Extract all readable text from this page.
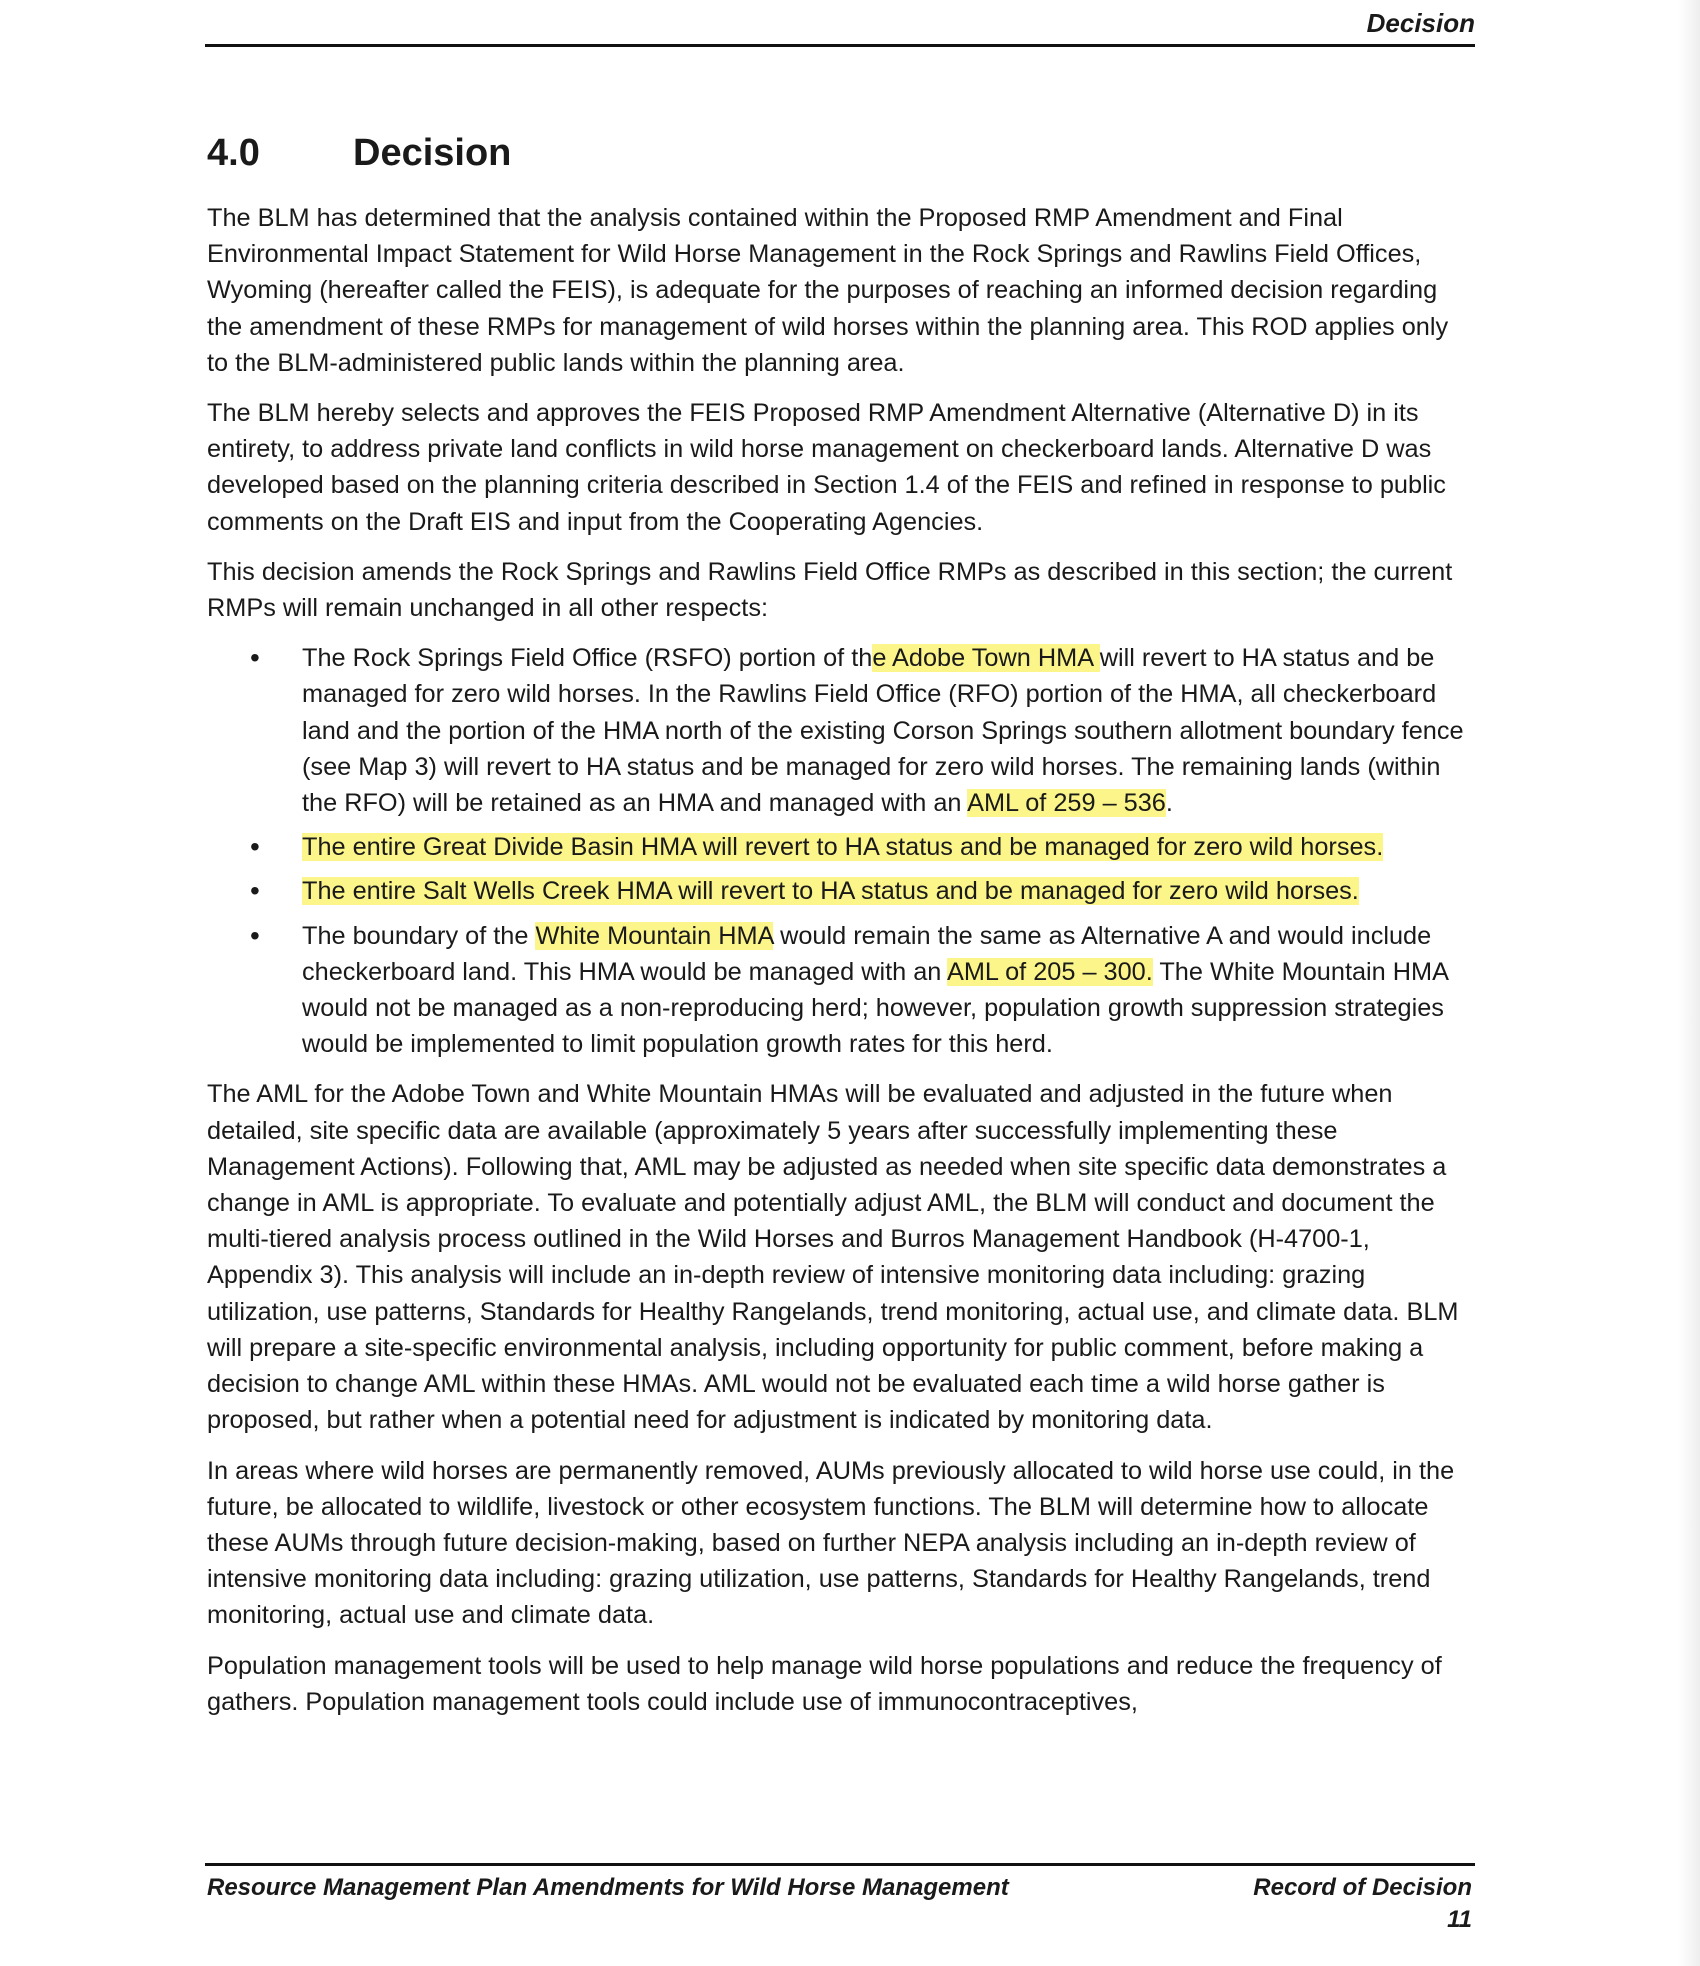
Decision
4.0 Decision

The BLM has determined that the analysis contained within the Proposed RMP Amendment and Final Environmental Impact Statement for Wild Horse Management in the Rock Springs and Rawlins Field Offices, Wyoming (hereafter called the FEIS), is adequate for the purposes of reaching an informed decision regarding the amendment of these RMPs for management of wild horses within the planning area. This ROD applies only to the BLM-administered public lands within the planning area.

The BLM hereby selects and approves the FEIS Proposed RMP Amendment Alternative (Alternative D) in its entirety, to address private land conflicts in wild horse management on checkerboard lands. Alternative D was developed based on the planning criteria described in Section 1.4 of the FEIS and refined in response to public comments on the Draft EIS and input from the Cooperating Agencies.

This decision amends the Rock Springs and Rawlins Field Office RMPs as described in this section; the current RMPs will remain unchanged in all other respects:

• The Rock Springs Field Office (RSFO) portion of the Adobe Town HMA will revert to HA status and be managed for zero wild horses. In the Rawlins Field Office (RFO) portion of the HMA, all checkerboard land and the portion of the HMA north of the existing Corson Springs southern allotment boundary fence (see Map 3) will revert to HA status and be managed for zero wild horses. The remaining lands (within the RFO) will be retained as an HMA and managed with an AML of 259 – 536.
• The entire Great Divide Basin HMA will revert to HA status and be managed for zero wild horses.
• The entire Salt Wells Creek HMA will revert to HA status and be managed for zero wild horses.
• The boundary of the White Mountain HMA would remain the same as Alternative A and would include checkerboard land. This HMA would be managed with an AML of 205 – 300. The White Mountain HMA would not be managed as a non-reproducing herd; however, population growth suppression strategies would be implemented to limit population growth rates for this herd.

The AML for the Adobe Town and White Mountain HMAs will be evaluated and adjusted in the future when detailed, site specific data are available (approximately 5 years after successfully implementing these Management Actions). Following that, AML may be adjusted as needed when site specific data demonstrates a change in AML is appropriate. To evaluate and potentially adjust AML, the BLM will conduct and document the multi-tiered analysis process outlined in the Wild Horses and Burros Management Handbook (H-4700-1, Appendix 3). This analysis will include an in-depth review of intensive monitoring data including: grazing utilization, use patterns, Standards for Healthy Rangelands, trend monitoring, actual use, and climate data. BLM will prepare a site-specific environmental analysis, including opportunity for public comment, before making a decision to change AML within these HMAs. AML would not be evaluated each time a wild horse gather is proposed, but rather when a potential need for adjustment is indicated by monitoring data.

In areas where wild horses are permanently removed, AUMs previously allocated to wild horse use could, in the future, be allocated to wildlife, livestock or other ecosystem functions. The BLM will determine how to allocate these AUMs through future decision-making, based on further NEPA analysis including an in-depth review of intensive monitoring data including: grazing utilization, use patterns, Standards for Healthy Rangelands, trend monitoring, actual use and climate data.

Population management tools will be used to help manage wild horse populations and reduce the frequency of gathers. Population management tools could include use of immunocontraceptives,

Resource Management Plan Amendments for Wild Horse Management	Record of Decision
11
